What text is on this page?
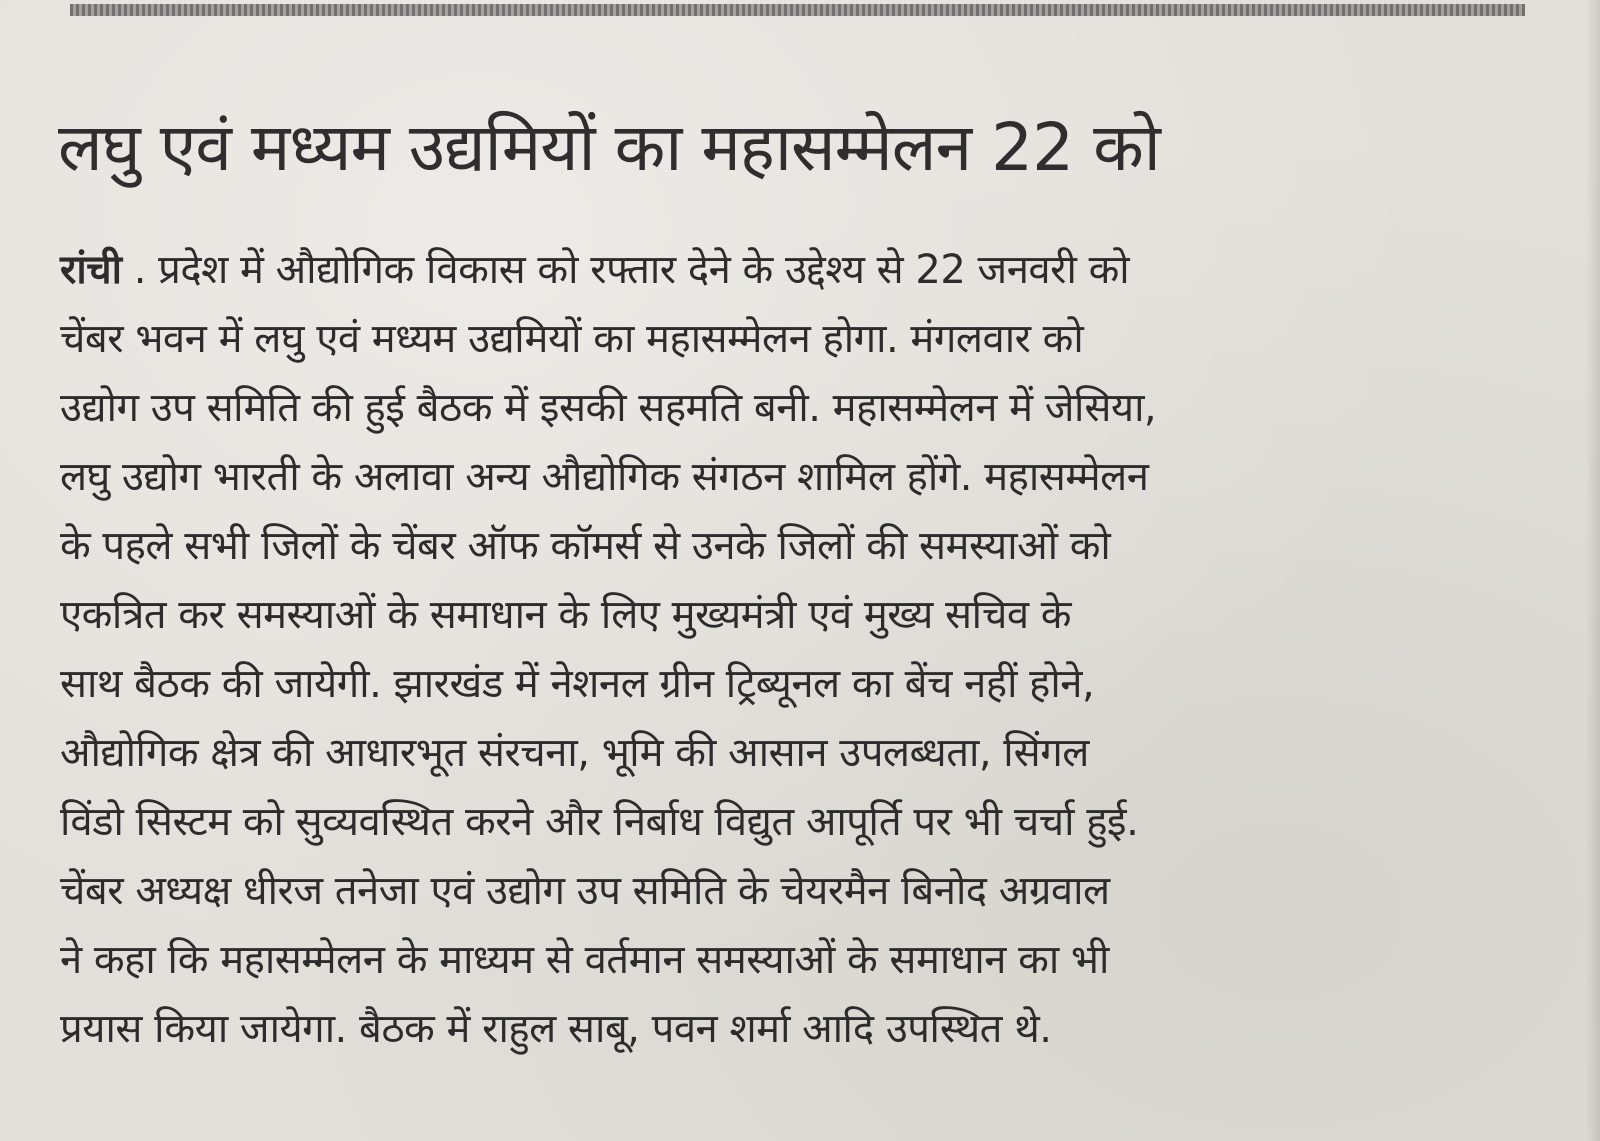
लघु एवं मध्यम उद्यमियों का महासम्मेलन 22 को
रांची . प्रदेश में औद्योगिक विकास को रफ्तार देने के उद्देश्य से 22 जनवरी को
चेंबर भवन में लघु एवं मध्यम उद्यमियों का महासम्मेलन होगा. मंगलवार को
उद्योग उप समिति की हुई बैठक में इसकी सहमति बनी. महासम्मेलन में जेसिया,
लघु उद्योग भारती के अलावा अन्य औद्योगिक संगठन शामिल होंगे. महासम्मेलन
के पहले सभी जिलों के चेंबर ऑफ कॉमर्स से उनके जिलों की समस्याओं को
एकत्रित कर समस्याओं के समाधान के लिए मुख्यमंत्री एवं मुख्य सचिव के
साथ बैठक की जायेगी. झारखंड में नेशनल ग्रीन ट्रिब्यूनल का बेंच नहीं होने,
औद्योगिक क्षेत्र की आधारभूत संरचना, भूमि की आसान उपलब्धता, सिंगल
विंडो सिस्टम को सुव्यवस्थित करने और निर्बाध विद्युत आपूर्ति पर भी चर्चा हुई.
चेंबर अध्यक्ष धीरज तनेजा एवं उद्योग उप समिति के चेयरमैन बिनोद अग्रवाल
ने कहा कि महासम्मेलन के माध्यम से वर्तमान समस्याओं के समाधान का भी
प्रयास किया जायेगा. बैठक में राहुल साबू, पवन शर्मा आदि उपस्थित थे.
